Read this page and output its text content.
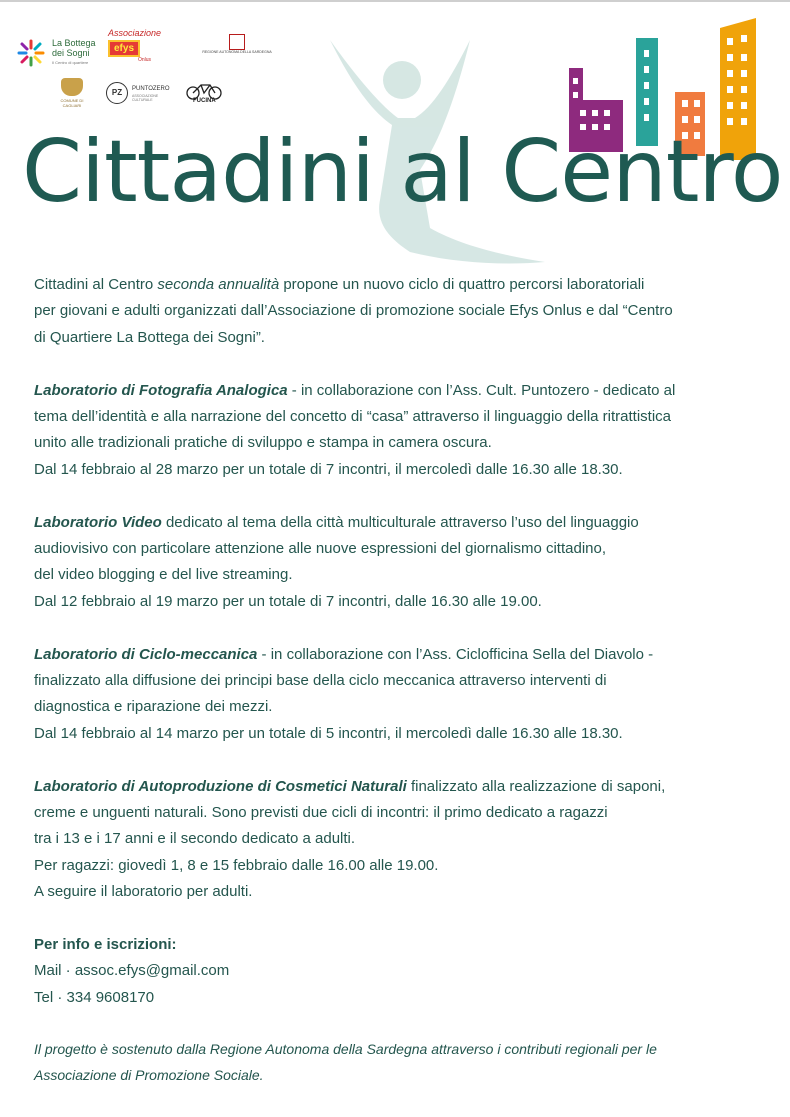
La Bottega
dei Sogni
Il Centro di quartiere
Associazione
efys
Onlus
REGIONE AUTONOMA DELLA SARDEGNA
COMUNE DI CAGLIARI
PZ	PUNTOZERO
ASSOCIAZIONE CULTURALE	FUCINA
Cittadini al Centro

Cittadini al Centro seconda annualità propone un nuovo ciclo di quattro percorsi laboratoriali
per giovani e adulti organizzati dall’Associazione di promozione sociale Efys Onlus e dal “Centro
di Quartiere La Bottega dei Sogni”.

Laboratorio di Fotografia Analogica - in collaborazione con l’Ass. Cult. Puntozero - dedicato al
tema dell’identità e alla narrazione del concetto di “casa” attraverso il linguaggio della ritrattistica
unito alle tradizionali pratiche di sviluppo e stampa in camera oscura.
Dal 14 febbraio al 28 marzo per un totale di 7 incontri, il mercoledì dalle 16.30 alle 18.30.

Laboratorio Video dedicato al tema della città multiculturale attraverso l’uso del linguaggio
audiovisivo con particolare attenzione alle nuove espressioni del giornalismo cittadino,
del video blogging e del live streaming.
Dal 12 febbraio al 19 marzo per un totale di 7 incontri, dalle 16.30 alle 19.00.

Laboratorio di Ciclo-meccanica - in collaborazione con l’Ass. Ciclofficina Sella del Diavolo -
finalizzato alla diffusione dei principi base della ciclo meccanica attraverso interventi di
diagnostica e riparazione dei mezzi.
Dal 14 febbraio al 14 marzo per un totale di 5 incontri, il mercoledì dalle 16.30 alle 18.30.

Laboratorio di Autoproduzione di Cosmetici Naturali finalizzato alla realizzazione di saponi,
creme e unguenti naturali. Sono previsti due cicli di incontri: il primo dedicato a ragazzi
tra i 13 e i 17 anni e il secondo dedicato a adulti.
Per ragazzi: giovedì 1, 8 e 15 febbraio dalle 16.00 alle 19.00.
A seguire il laboratorio per adulti.

Per info e iscrizioni:
Mail · assoc.efys@gmail.com
Tel · 334 9608170

Il progetto è sostenuto dalla Regione Autonoma della Sardegna attraverso i contributi regionali per le
Associazione di Promozione Sociale.
